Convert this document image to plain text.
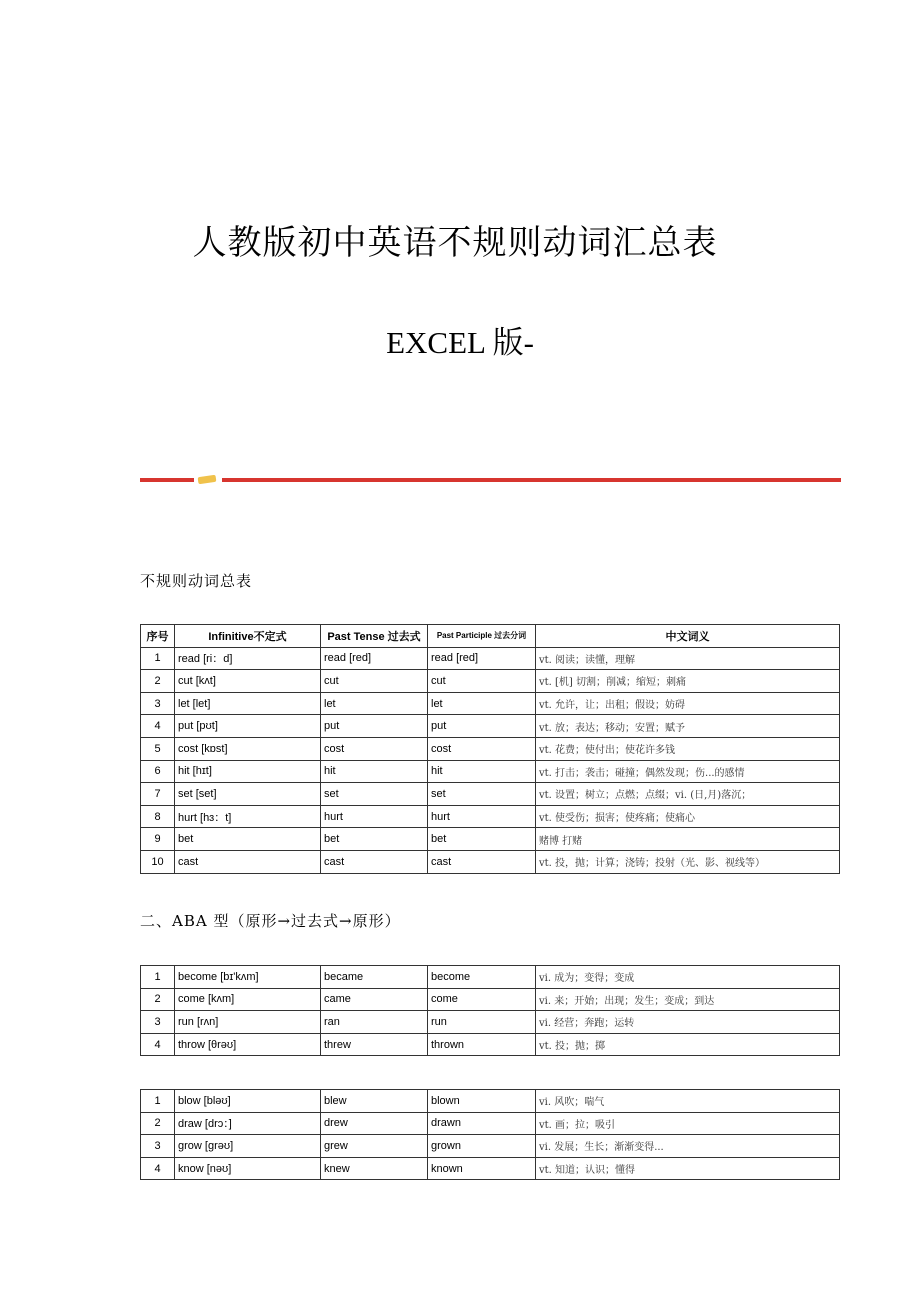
人教版初中英语不规则动词汇总表
EXCEL 版-
不规则动词总表
序号	Infinitive不定式	Past Tense 过去式	Past Participle 过去分词	中文词义
1	read [ri：d]	read [red]	read [red]	vt. 阅读；读懂，理解
2	cut [kʌt]	cut	cut	vt. [机] 切割；削减；缩短；刺痛
3	let [let]	let	let	vt. 允许，让；出租；假设；妨碍
4	put [pʊt]	put	put	vt. 放；表达；移动；安置；赋予
5	cost [kɒst]	cost	cost	vt. 花费；使付出；使花许多钱
6	hit [hɪt]	hit	hit	vt. 打击；袭击；碰撞；偶然发现；伤...的感情
7	set [set]	set	set	vt. 设置；树立；点燃；点缀；vi. (日,月)落沉；
8	hurt [hɜ：t]	hurt	hurt	vt. 使受伤；损害；使疼痛；使痛心
9	bet	bet	bet	赌博 打赌
10	cast	cast	cast	vt. 投，抛；计算；浇铸；投射（光、影、视线等）
二、ABA 型（原形→过去式→原形）
1	become [bɪ'kʌm]	became	become	vi. 成为；变得；变成
2	come [kʌm]	came	come	vi. 来；开始；出现；发生；变成；到达
3	run [rʌn]	ran	run	vi. 经营；奔跑；运转
4	throw [θrəʊ]	threw	thrown	vt. 投；抛；掷
1	blow [bləʊ]	blew	blown	vi. 风吹；喘气
2	draw [drɔ：]	drew	drawn	vt. 画；拉；吸引
3	grow [grəʊ]	grew	grown	vi. 发展；生长；渐渐变得...
4	know [nəʊ]	knew	known	vt. 知道；认识；懂得
